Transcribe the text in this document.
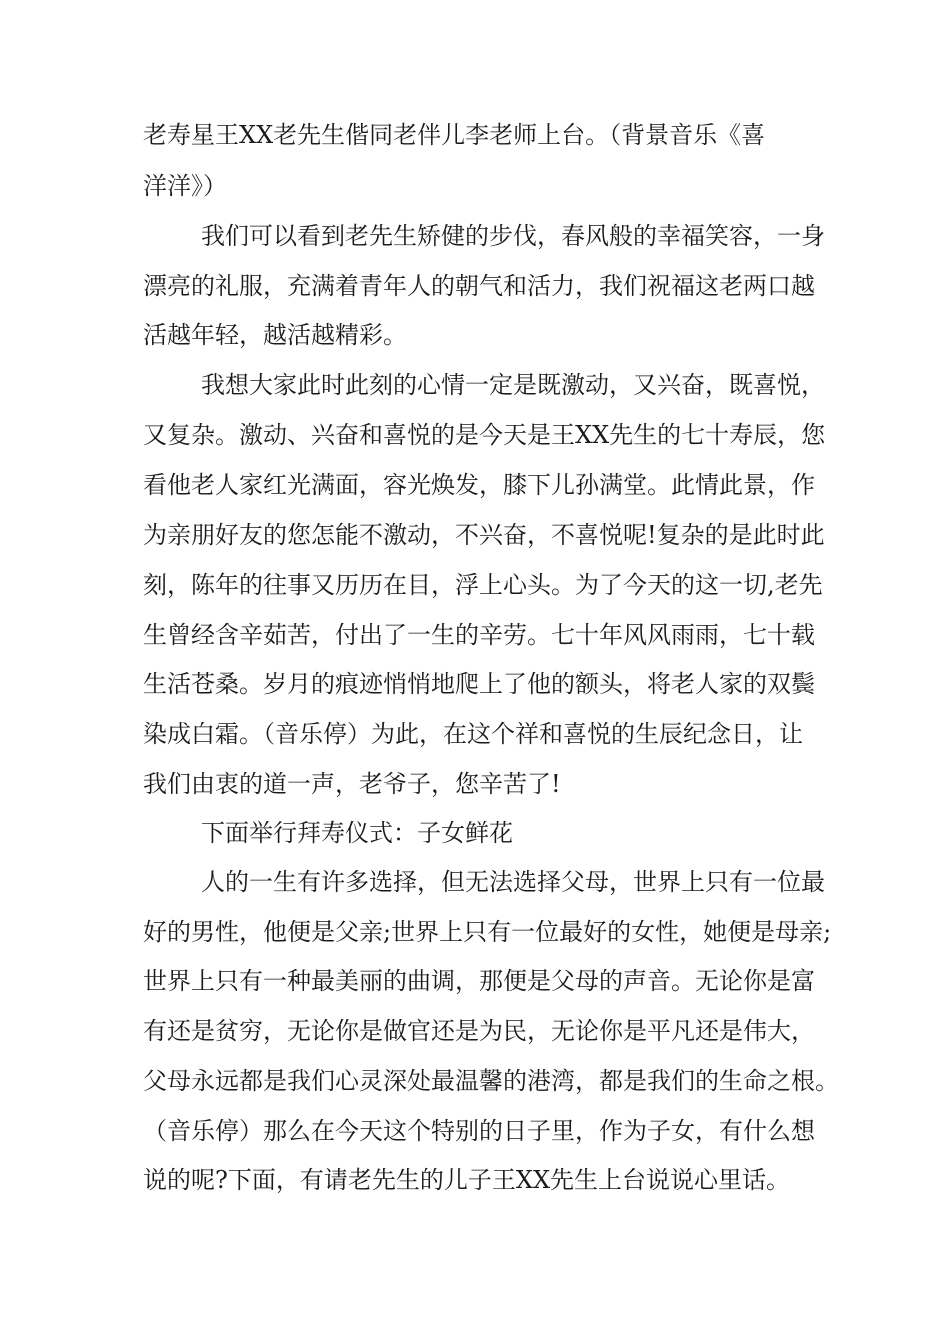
老寿星王XX老先生偕同老伴儿李老师上台。（背景音乐《喜
洋洋》）
我们可以看到老先生矫健的步伐，春风般的幸福笑容，一身
漂亮的礼服，充满着青年人的朝气和活力，我们祝福这老两口越
活越年轻，越活越精彩。
我想大家此时此刻的心情一定是既激动，又兴奋，既喜悦，
又复杂。激动、兴奋和喜悦的是今天是王XX先生的七十寿辰，您
看他老人家红光满面，容光焕发，膝下儿孙满堂。此情此景，作
为亲朋好友的您怎能不激动，不兴奋，不喜悦呢!复杂的是此时此
刻，陈年的往事又历历在目，浮上心头。为了今天的这一切,老先
生曾经含辛茹苦，付出了一生的辛劳。七十年风风雨雨，七十载
生活苍桑。岁月的痕迹悄悄地爬上了他的额头，将老人家的双鬓
染成白霜。（音乐停）为此，在这个祥和喜悦的生辰纪念日，让
我们由衷的道一声，老爷子，您辛苦了!
下面举行拜寿仪式：子女鲜花
人的一生有许多选择，但无法选择父母，世界上只有一位最
好的男性，他便是父亲;世界上只有一位最好的女性，她便是母亲;
世界上只有一种最美丽的曲调，那便是父母的声音。无论你是富
有还是贫穷，无论你是做官还是为民，无论你是平凡还是伟大，
父母永远都是我们心灵深处最温馨的港湾，都是我们的生命之根。
（音乐停）那么在今天这个特别的日子里，作为子女，有什么想
说的呢?下面，有请老先生的儿子王XX先生上台说说心里话。
